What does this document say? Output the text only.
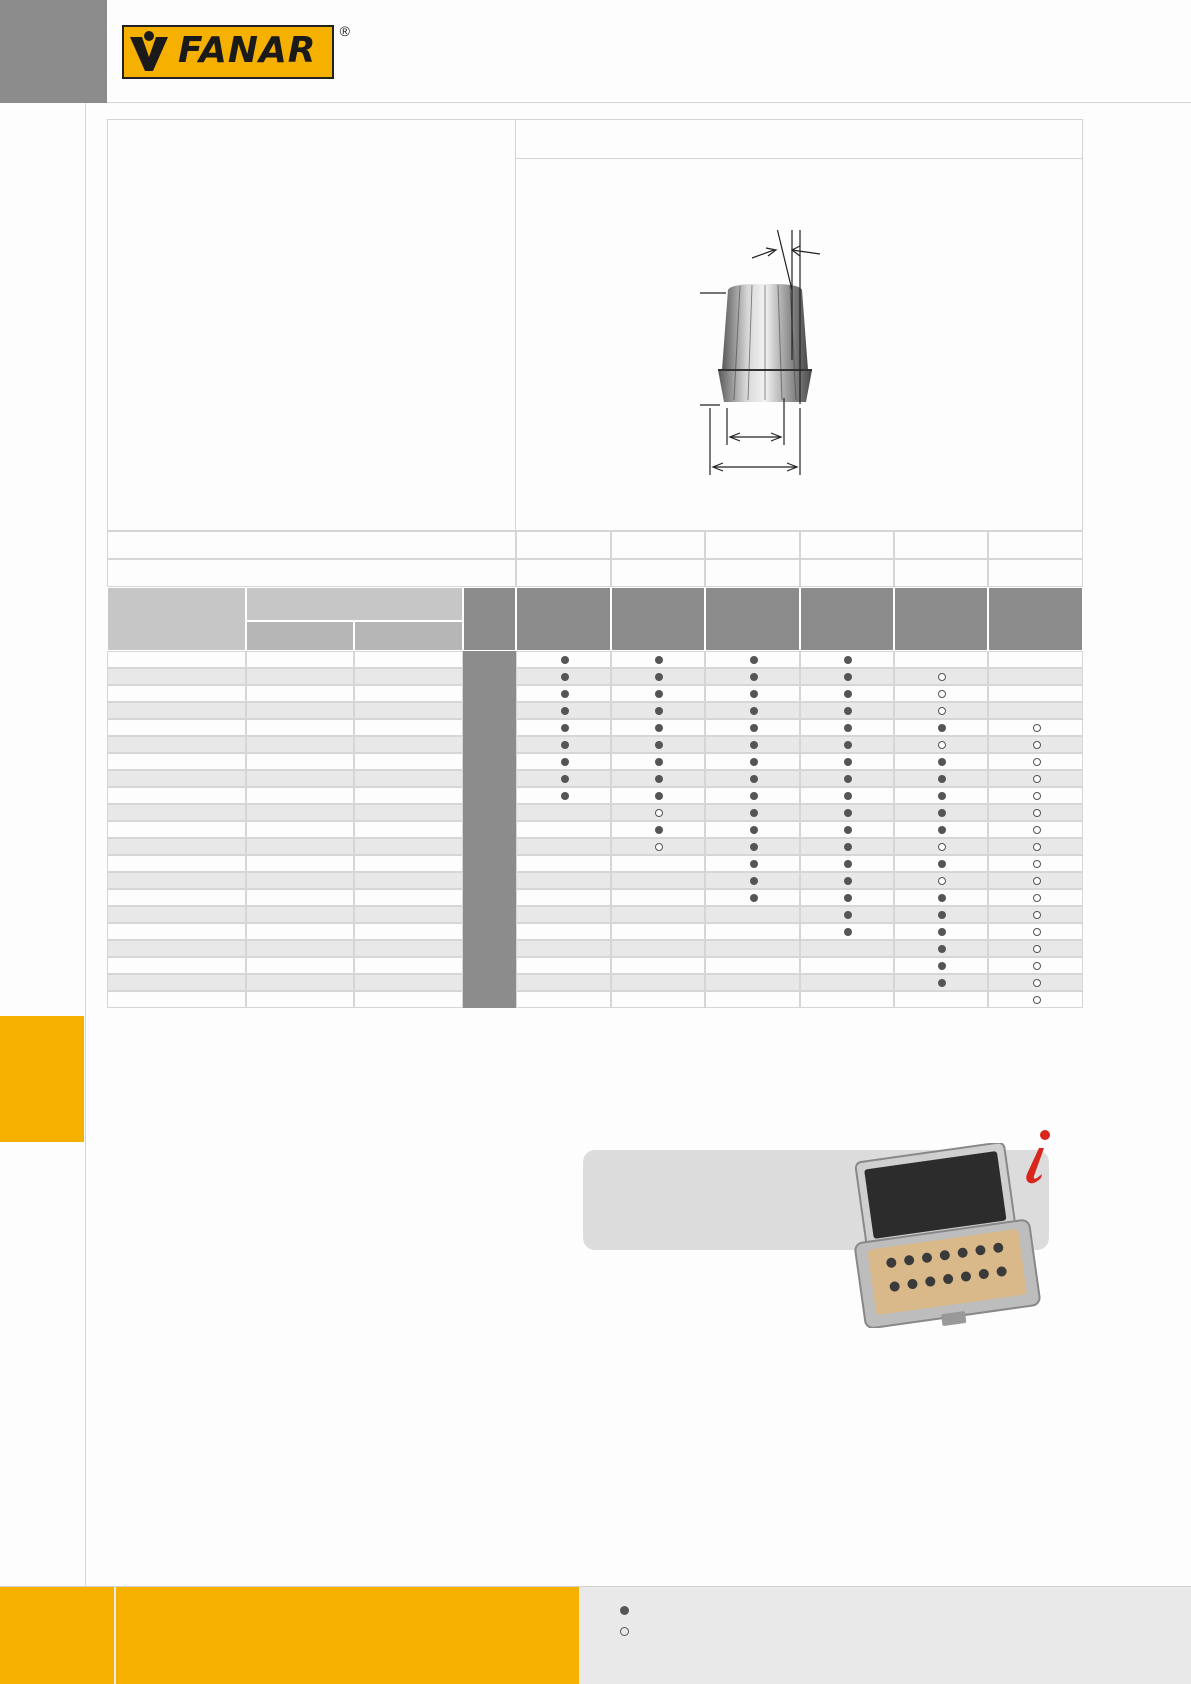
FANAR ®
